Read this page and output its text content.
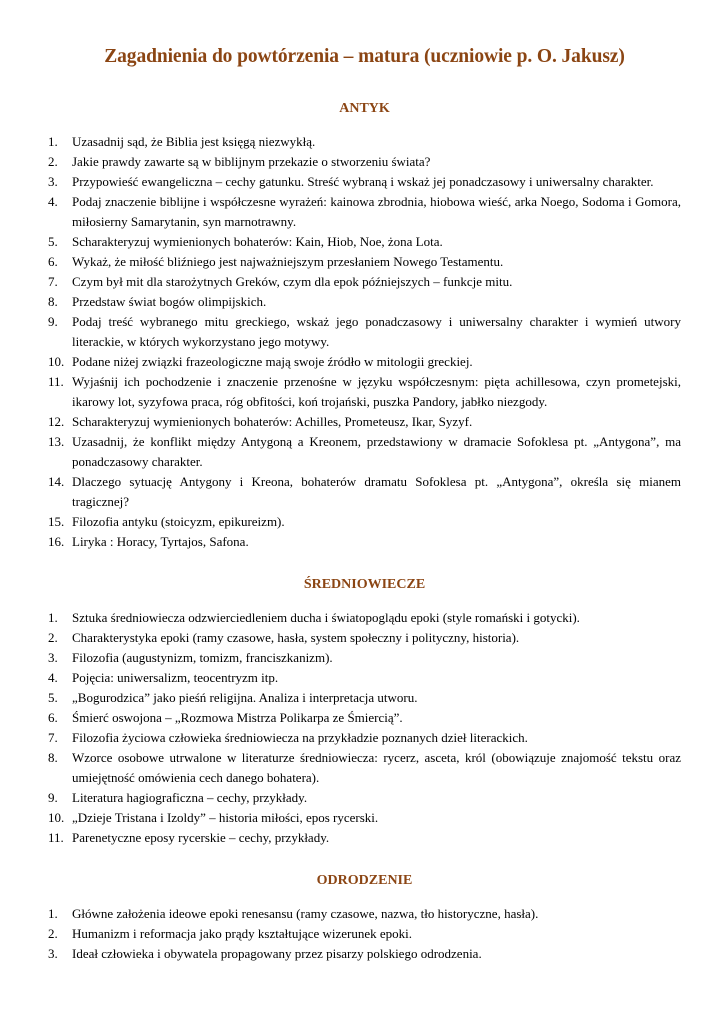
Zagadnienia do powtórzenia – matura (uczniowie p. O. Jakusz)
ANTYK
1.	Uzasadnij sąd, że Biblia jest księgą niezwykłą.
2.	Jakie prawdy zawarte są w biblijnym przekazie o stworzeniu świata?
3.	Przypowieść ewangeliczna – cechy gatunku. Streść wybraną i wskaż jej ponadczasowy i uniwersalny charakter.
4.	Podaj znaczenie biblijne i współczesne wyrażeń: kainowa zbrodnia, hiobowa wieść, arka Noego, Sodoma i Gomora, miłosierny Samarytanin, syn marnotrawny.
5.	Scharakteryzuj wymienionych bohaterów: Kain, Hiob, Noe, żona Lota.
6.	Wykaż, że miłość bliźniego jest najważniejszym przesłaniem Nowego Testamentu.
7.	Czym był mit dla starożytnych Greków, czym dla epok późniejszych – funkcje mitu.
8.	Przedstaw świat bogów olimpijskich.
9.	Podaj treść wybranego mitu greckiego, wskaż jego ponadczasowy i uniwersalny charakter i wymień utwory literackie, w których wykorzystano jego motywy.
10. Podane niżej związki frazeologiczne mają swoje źródło w mitologii greckiej.
11. Wyjaśnij ich pochodzenie i znaczenie przenośne w języku współczesnym: pięta achillesowa, czyn prometejski, ikarowy lot, syzyfowa praca, róg obfitości, koń trojański, puszka Pandory, jabłko niezgody.
12. Scharakteryzuj wymienionych bohaterów: Achilles, Prometeusz, Ikar, Syzyf.
13. Uzasadnij, że konflikt między Antygoną a Kreonem, przedstawiony w dramacie Sofoklesa pt. „Antygona”, ma ponadczasowy charakter.
14. Dlaczego sytuację Antygony i Kreona, bohaterów dramatu Sofoklesa pt. „Antygona”, określa się mianem tragicznej?
15. Filozofia antyku (stoicyzm, epikureizm).
16. Liryka : Horacy, Tyrtajos, Safona.
ŚREDNIOWIECZE
1.	Sztuka średniowiecza odzwierciedleniem ducha i światopoglądu epoki (style romański i gotycki).
2.	Charakterystyka epoki (ramy czasowe, hasła, system społeczny i polityczny, historia).
3.	Filozofia (augustynizm, tomizm, franciszkanizm).
4.	Pojęcia: uniwersalizm, teocentryzm itp.
5.	„Bogurodzica” jako pieśń religijna. Analiza i interpretacja utworu.
6.	Śmierć oswojona – „Rozmowa Mistrza Polikarpa ze Śmiercią”.
7.	Filozofia życiowa człowieka średniowiecza na przykładzie poznanych dzieł literackich.
8.	Wzorce osobowe utrwalone w literaturze średniowiecza: rycerz, asceta, król (obowiązuje znajomość tekstu oraz umiejętność omówienia cech danego bohatera).
9.	Literatura hagiograficzna – cechy, przykłady.
10. „Dzieje Tristana i Izoldy” – historia miłości, epos rycerski.
11. Parenetyczne eposy rycerskie – cechy, przykłady.
ODRODZENIE
1.	Główne założenia ideowe epoki renesansu (ramy czasowe, nazwa, tło historyczne, hasła).
2.	Humanizm i reformacja jako prądy kształtujące wizerunek epoki.
3.	Ideał człowieka i obywatela propagowany przez pisarzy polskiego odrodzenia.
